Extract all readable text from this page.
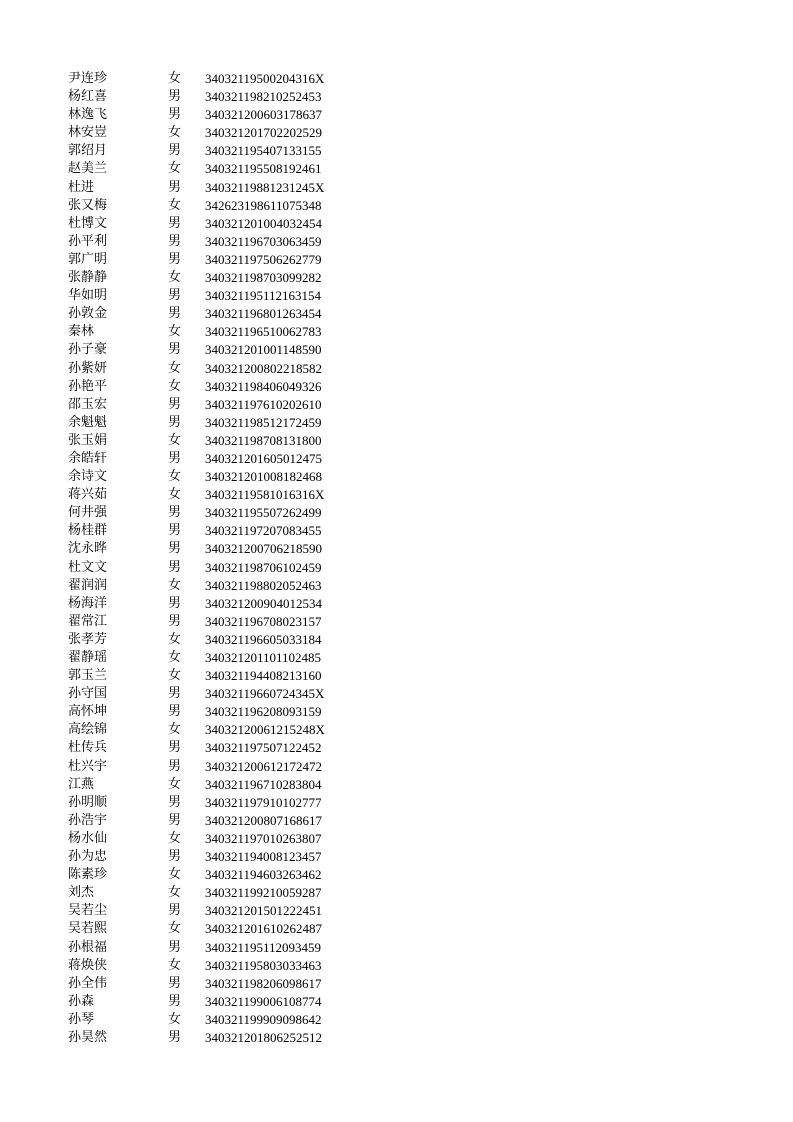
尹连珍	女	34032119500204316X
杨红喜	男	340321198210252453
林逸飞	男	340321200603178637
林安豈	女	340321201702202529
郭绍月	男	340321195407133155
赵美兰	女	340321195508192461
杜进	男	34032119881231245X
张又梅	女	342623198611075348
杜博文	男	340321201004032454
孙平利	男	340321196703063459
郭广明	男	340321197506262779
张静静	女	340321198703099282
华如明	男	340321195112163154
孙敦金	男	340321196801263454
秦林	女	340321196510062783
孙子豪	男	340321201001148590
孙紫妍	女	340321200802218582
孙艳平	女	340321198406049326
邵玉宏	男	340321197610202610
余魁魁	男	340321198512172459
张玉娟	女	340321198708131800
余皓轩	男	340321201605012475
余诗文	女	340321201008182468
蒋兴茹	女	34032119581016316X
何井强	男	340321195507262499
杨桂群	男	340321197207083455
沈永晔	男	340321200706218590
杜文文	男	340321198706102459
翟润润	女	340321198802052463
杨海洋	男	340321200904012534
翟常江	男	340321196708023157
张孝芳	女	340321196605033184
翟静瑶	女	340321201101102485
郭玉兰	女	340321194408213160
孙守国	男	34032119660724345X
高怀坤	男	340321196208093159
高绘锦	女	34032120061215248X
杜传兵	男	340321197507122452
杜兴宇	男	340321200612172472
江燕	女	340321196710283804
孙明顺	男	340321197910102777
孙浩宇	男	340321200807168617
杨水仙	女	340321197010263807
孙为忠	男	340321194008123457
陈素珍	女	340321194603263462
刘杰	女	340321199210059287
吴若尘	男	340321201501222451
吴若熙	女	340321201610262487
孙根福	男	340321195112093459
蒋焕侠	女	340321195803033463
孙全伟	男	340321198206098617
孙森	男	340321199006108774
孙琴	女	340321199909098642
孙昊然	男	340321201806252512
